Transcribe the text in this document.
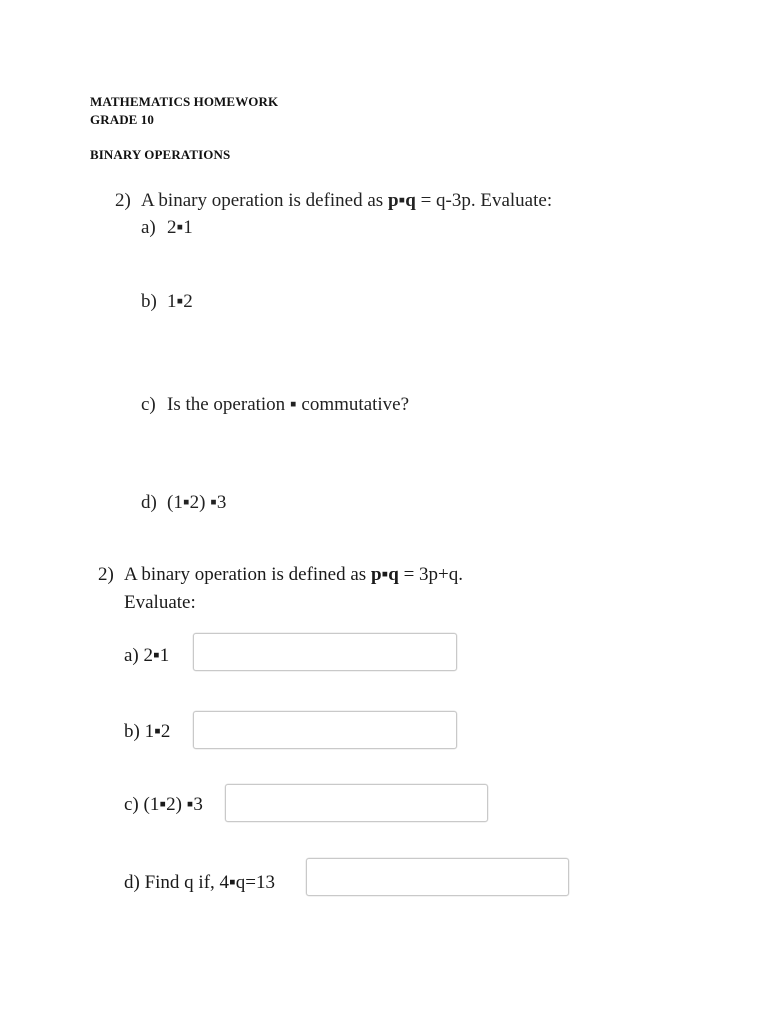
MATHEMATICS HOMEWORK
GRADE 10
BINARY OPERATIONS
2) A binary operation is defined as p▪q = q-3p. Evaluate:
a) 2▪1
b) 1▪2
c) Is the operation ▪ commutative?
d) (1▪2) ▪3
2) A binary operation is defined as p▪q = 3p+q.
Evaluate:
a) 2▪1
b) 1▪2
c) (1▪2) ▪3
d) Find q if, 4▪q=13
